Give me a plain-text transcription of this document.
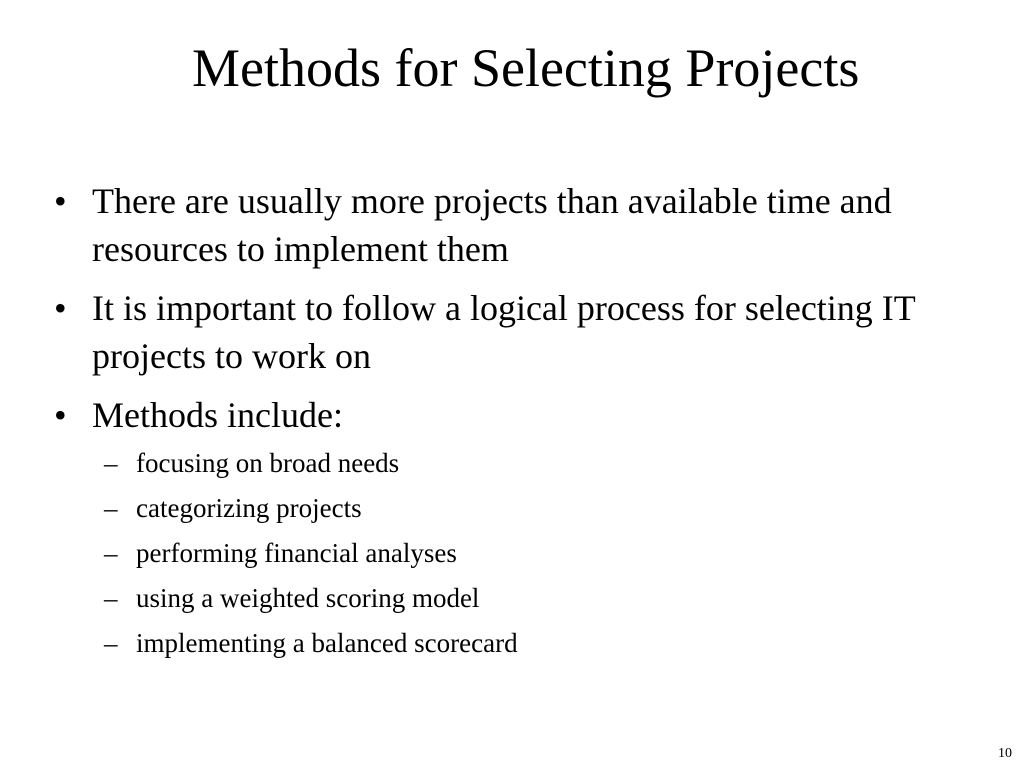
Methods for Selecting Projects
• There are usually more projects than available time and resources to implement them
• It is important to follow a logical process for selecting IT projects to work on
• Methods include:
– focusing on broad needs
– categorizing projects
– performing financial analyses
– using a weighted scoring model
– implementing a balanced scorecard
10
